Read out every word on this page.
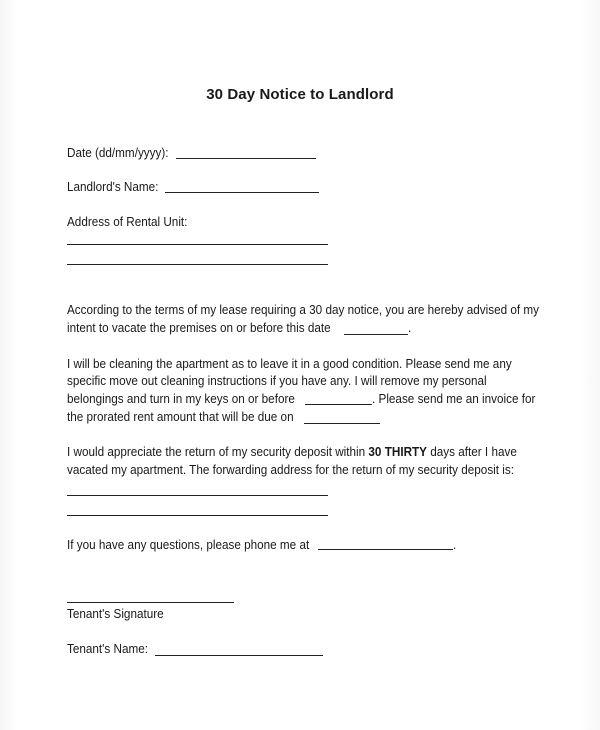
30 Day Notice to Landlord
Date (dd/mm/yyyy):
Landlord's Name:
Address of Rental Unit:
According to the terms of my lease requiring a 30 day notice, you are hereby advised of my
intent to vacate the premises on or before this date	.
I will be cleaning the apartment as to leave it in a good condition. Please send me any
specific move out cleaning instructions if you have any. I will remove my personal
belongings and turn in my keys on or before	. Please send me an invoice for
the prorated rent amount that will be due on
I would appreciate the return of my security deposit within 30 THIRTY days after I have
vacated my apartment. The forwarding address for the return of my security deposit is:
If you have any questions, please phone me at	.
Tenant's Signature
Tenant's Name:
